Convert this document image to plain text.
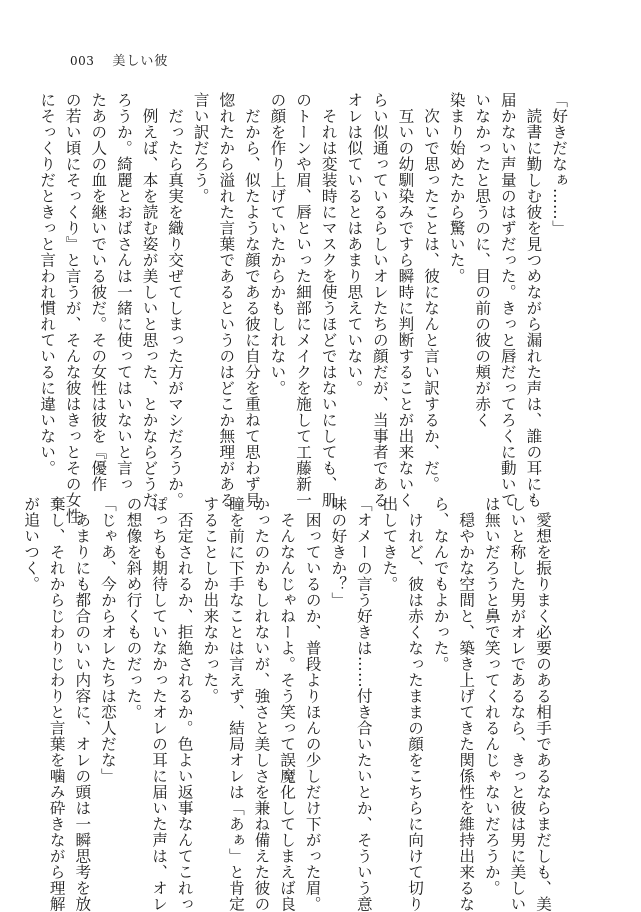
003 美しい彼
「好きだなぁ……」
　読書に勤しむ彼を見つめながら漏れた声は、誰の耳にも
届かない声量のはずだった。きっと唇だってろくに動いて
いなかったと思うのに、目の前の彼の頬が赤く
染まり始めたから驚いた。
　次いで思ったことは、彼になんと言い訳するか、だ。
　互いの幼馴染みですら瞬時に判断することが出来ないく
らい似通っているらしいオレたちの顔だが、当事者である
オレは似ているとはあまり思えていない。
　それは変装時にマスクを使うほどではないにしても、肌
のトーンや眉、唇といった細部にメイクを施して工藤新一
の顔を作り上げていたからかもしれない。
　だから、似たような顔である彼に自分を重ねて思わず見
惚れたから溢れた言葉であるというのはどこか無理がある
言い訳だろう。
　だったら真実を織り交ぜてしまった方がマシだろうか。
　例えば、本を読む姿が美しいと思った、とかならどうだ
ろうか。綺麗とおばさんは一緒に使ってはいないと言っ
たあの人の血を継いでいる彼だ。その女性は彼を『優作
の若い頃にそっくり』と言うが、そんな彼はきっとその女性
にそっくりだときっと言われ慣れているに違いない。
　愛想を振りまく必要のある相手であるならまだしも、美
しいと称した男がオレであるなら、きっと彼は男に美しい
は無いだろうと鼻で笑ってくれるんじゃないだろうか。
　穏やかな空間と、築き上げてきた関係性を維持出来るな
ら、なんでもよかった。
　けれど、彼は赤くなったままの顔をこちらに向けて切り
出してきた。
「オメーの言う好きは……付き合いたいとか、そういう意
味の好きか？」
　困っているのか、普段よりほんの少しだけ下がった眉。
　そんなんじゃねーよ。そう笑って誤魔化してしまえば良
かったのかもしれないが、強さと美しさを兼ね備えた彼の
瞳を前に下手なことは言えず、結局オレは「あぁ」と肯定
することしか出来なかった。
　否定されるか、拒絶されるか。色よい返事なんてこれっ
ぽっちも期待していなかったオレの耳に届いた声は、オレ
の想像を斜め行くものだった。
「じゃあ、今からオレたちは恋人だな」
　あまりにも都合のいい内容に、オレの頭は一瞬思考を放
棄し、それからじわりじわりと言葉を噛み砕きながら理解
が追いつく。
